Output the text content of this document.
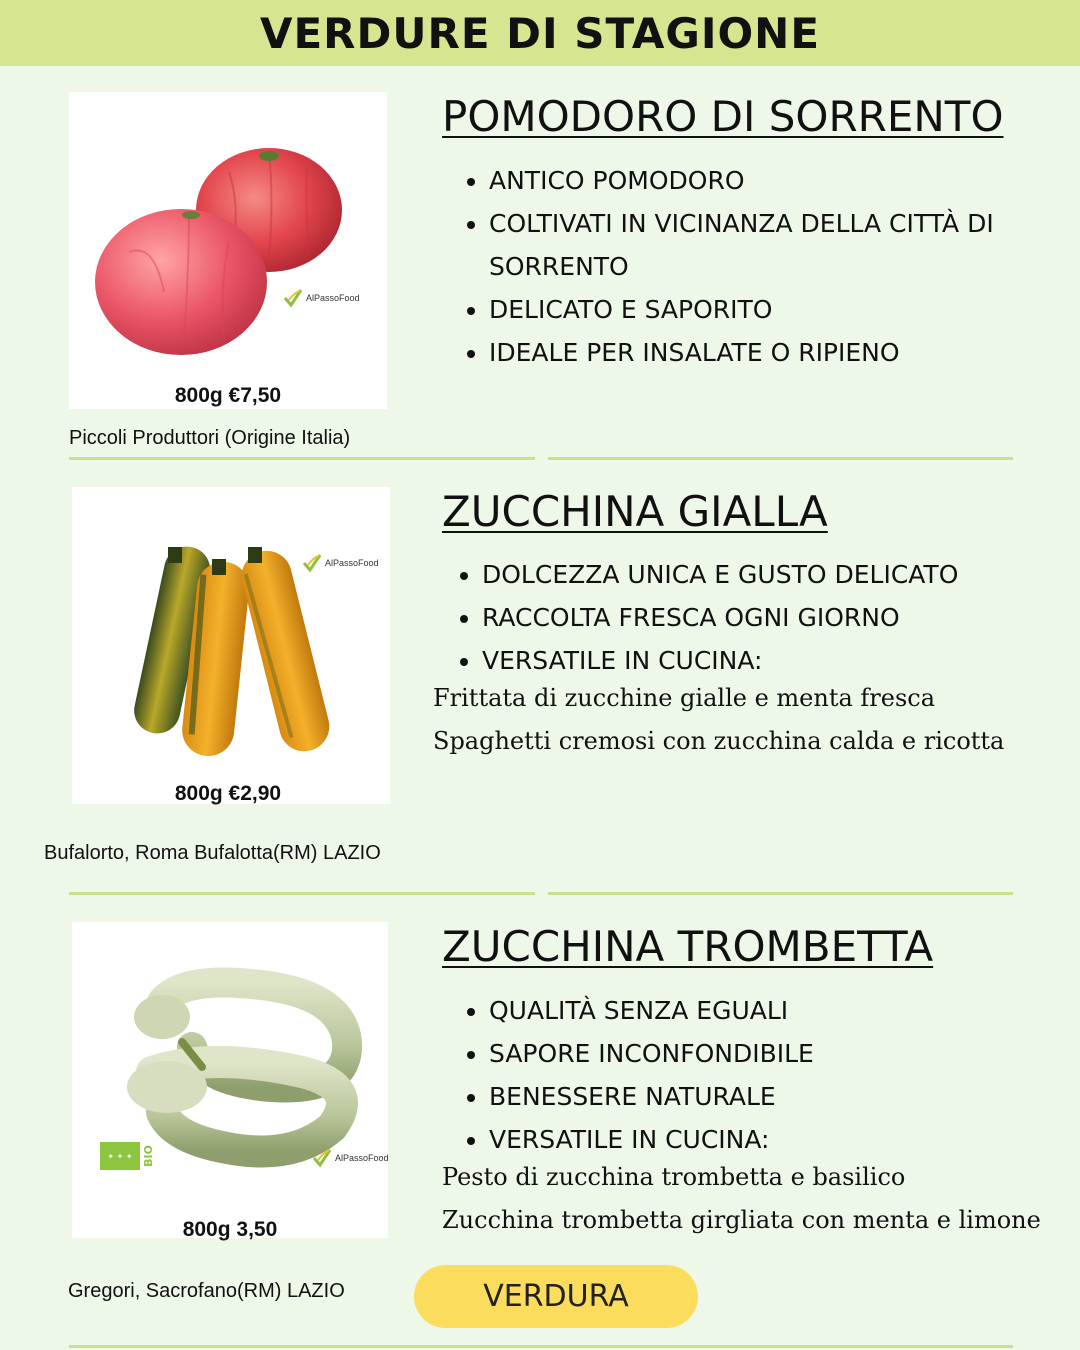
VERDURE DI STAGIONE
AlPassoFood
800g €7,50
Piccoli Produttori (Origine Italia)
POMODORO DI SORRENTO
• ANTICO POMODORO
• COLTIVATI IN VICINANZA DELLA CITTÀ DI SORRENTO
• DELICATO E SAPORITO
• IDEALE PER INSALATE O RIPIENO
AlPassoFood
800g €2,90
Bufalorto, Roma Bufalotta(RM) LAZIO
ZUCCHINA GIALLA
• DOLCEZZA UNICA E GUSTO DELICATO
• RACCOLTA FRESCA OGNI GIORNO
• VERSATILE IN CUCINA:
Frittata di zucchine gialle e menta fresca
Spaghetti cremosi con zucchina calda e ricotta
✦ ✦ ✦ BIO	AlPassoFood
800g 3,50
Gregori, Sacrofano(RM) LAZIO
ZUCCHINA TROMBETTA
• QUALITÀ SENZA EGUALI
• SAPORE INCONFONDIBILE
• BENESSERE NATURALE
• VERSATILE IN CUCINA:
Pesto di zucchina trombetta e basilico
Zucchina trombetta girgliata con menta e limone
VERDURA
